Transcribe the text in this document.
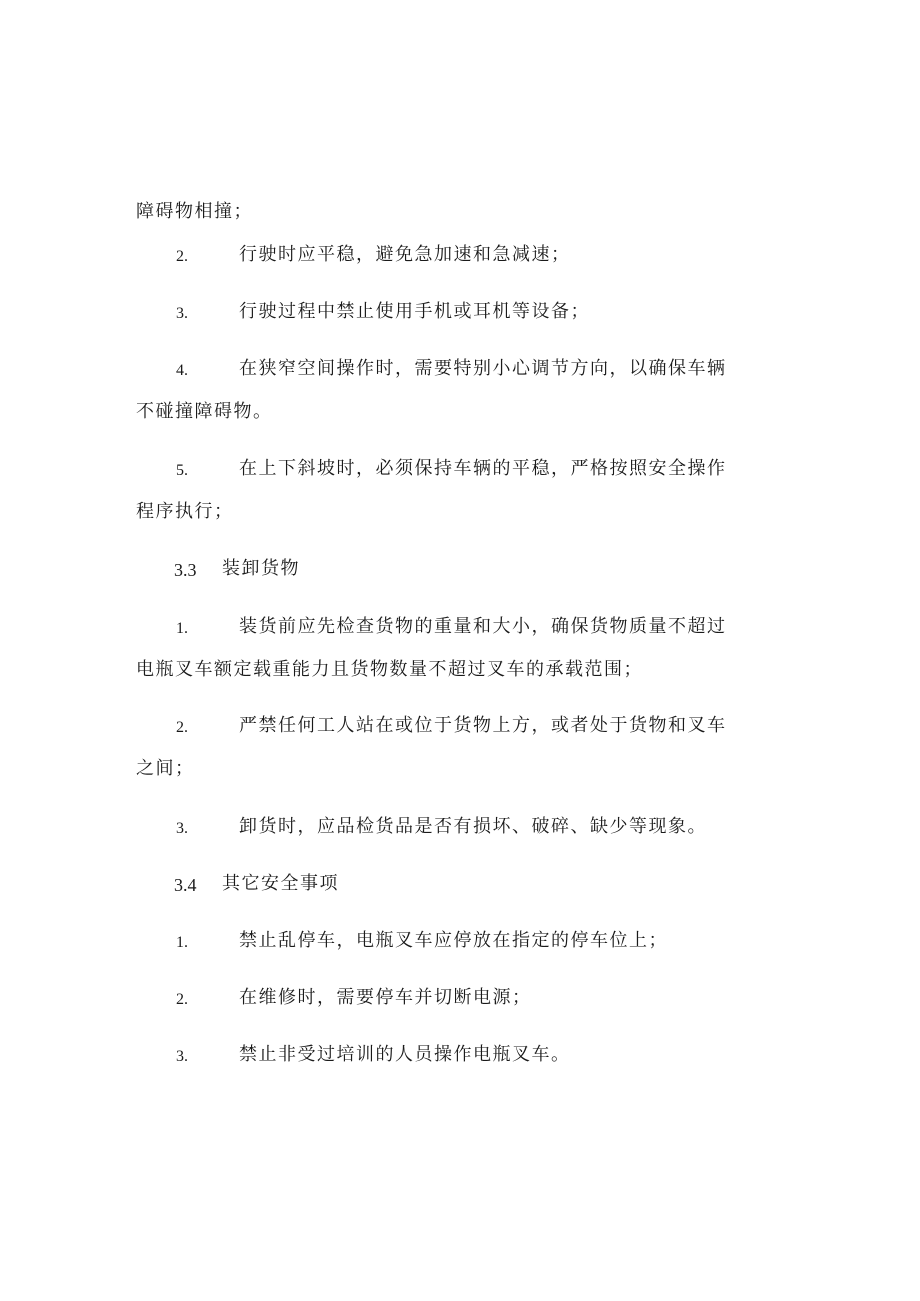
障碍物相撞；
2.	行驶时应平稳，避免急加速和急减速；
3.	行驶过程中禁止使用手机或耳机等设备；
4.	在狭窄空间操作时，需要特别小心调节方向，以确保车辆
不碰撞障碍物。
5.	在上下斜坡时，必须保持车辆的平稳，严格按照安全操作
程序执行；
3.3 装卸货物
1.	装货前应先检查货物的重量和大小，确保货物质量不超过
电瓶叉车额定载重能力且货物数量不超过叉车的承载范围；
2.	严禁任何工人站在或位于货物上方，或者处于货物和叉车
之间；
3.	卸货时，应品检货品是否有损坏、破碎、缺少等现象。
3.4 其它安全事项
1.	禁止乱停车，电瓶叉车应停放在指定的停车位上；
2.	在维修时，需要停车并切断电源；
3.	禁止非受过培训的人员操作电瓶叉车。
